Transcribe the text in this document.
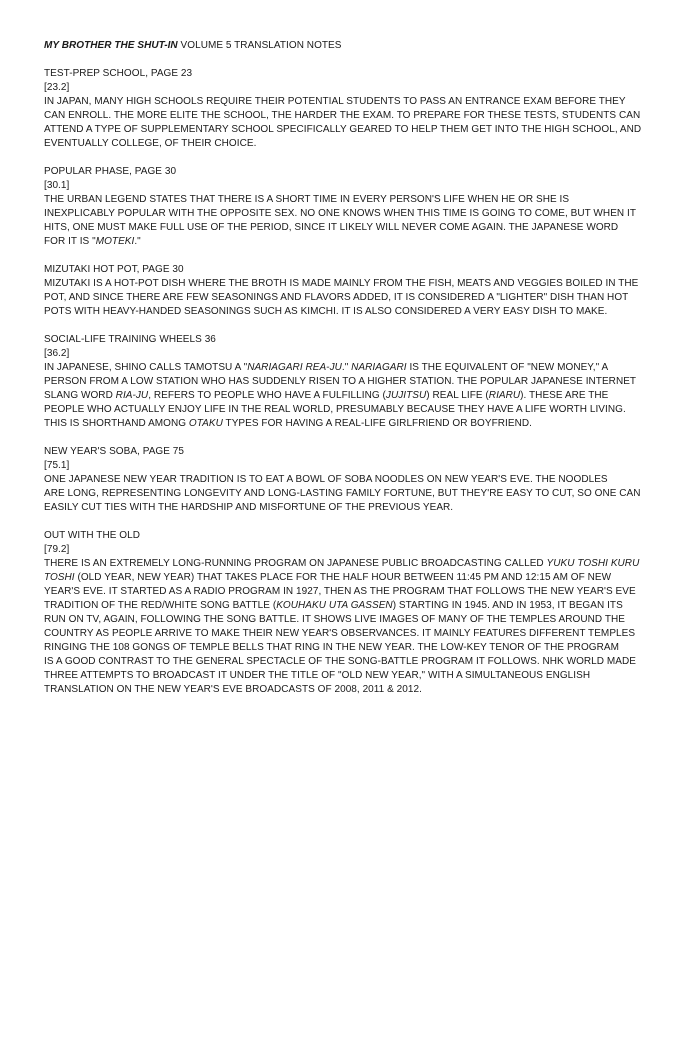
MY BROTHER THE SHUT-IN VOLUME 5 TRANSLATION NOTES
TEST-PREP SCHOOL, PAGE 23
[23.2]
IN JAPAN, MANY HIGH SCHOOLS REQUIRE THEIR POTENTIAL STUDENTS TO PASS AN ENTRANCE EXAM BEFORE THEY
CAN ENROLL. THE MORE ELITE THE SCHOOL, THE HARDER THE EXAM. TO PREPARE FOR THESE TESTS, STUDENTS CAN
ATTEND A TYPE OF SUPPLEMENTARY SCHOOL SPECIFICALLY GEARED TO HELP THEM GET INTO THE HIGH SCHOOL, AND
EVENTUALLY COLLEGE, OF THEIR CHOICE.
POPULAR PHASE, PAGE 30
[30.1]
THE URBAN LEGEND STATES THAT THERE IS A SHORT TIME IN EVERY PERSON'S LIFE WHEN HE OR SHE IS
INEXPLICABLY POPULAR WITH THE OPPOSITE SEX. NO ONE KNOWS WHEN THIS TIME IS GOING TO COME, BUT WHEN IT
HITS, ONE MUST MAKE FULL USE OF THE PERIOD, SINCE IT LIKELY WILL NEVER COME AGAIN. THE JAPANESE WORD
FOR IT IS "MOTEKI."
MIZUTAKI HOT POT, PAGE 30
MIZUTAKI IS A HOT-POT DISH WHERE THE BROTH IS MADE MAINLY FROM THE FISH, MEATS AND VEGGIES BOILED IN THE
POT, AND SINCE THERE ARE FEW SEASONINGS AND FLAVORS ADDED, IT IS CONSIDERED A "LIGHTER" DISH THAN HOT
POTS WITH HEAVY-HANDED SEASONINGS SUCH AS KIMCHI. IT IS ALSO CONSIDERED A VERY EASY DISH TO MAKE.
SOCIAL-LIFE TRAINING WHEELS 36
[36.2]
IN JAPANESE, SHINO CALLS TAMOTSU A "NARIAGARI REA-JU." NARIAGARI IS THE EQUIVALENT OF "NEW MONEY," A
PERSON FROM A LOW STATION WHO HAS SUDDENLY RISEN TO A HIGHER STATION. THE POPULAR JAPANESE INTERNET
SLANG WORD RIA-JU, REFERS TO PEOPLE WHO HAVE A FULFILLING (JUJITSU) REAL LIFE (RIARU). THESE ARE THE
PEOPLE WHO ACTUALLY ENJOY LIFE IN THE REAL WORLD, PRESUMABLY BECAUSE THEY HAVE A LIFE WORTH LIVING.
THIS IS SHORTHAND AMONG OTAKU TYPES FOR HAVING A REAL-LIFE GIRLFRIEND OR BOYFRIEND.
NEW YEAR'S SOBA, PAGE 75
[75.1]
ONE JAPANESE NEW YEAR TRADITION IS TO EAT A BOWL OF SOBA NOODLES ON NEW YEAR'S EVE. THE NOODLES
ARE LONG, REPRESENTING LONGEVITY AND LONG-LASTING FAMILY FORTUNE, BUT THEY'RE EASY TO CUT, SO ONE CAN
EASILY CUT TIES WITH THE HARDSHIP AND MISFORTUNE OF THE PREVIOUS YEAR.
OUT WITH THE OLD
[79.2]
THERE IS AN EXTREMELY LONG-RUNNING PROGRAM ON JAPANESE PUBLIC BROADCASTING CALLED YUKU TOSHI KURU
TOSHI (OLD YEAR, NEW YEAR) THAT TAKES PLACE FOR THE HALF HOUR BETWEEN 11:45 PM AND 12:15 AM OF NEW
YEAR'S EVE. IT STARTED AS A RADIO PROGRAM IN 1927, THEN AS THE PROGRAM THAT FOLLOWS THE NEW YEAR'S EVE
TRADITION OF THE RED/WHITE SONG BATTLE (KOUHAKU UTA GASSEN) STARTING IN 1945. AND IN 1953, IT BEGAN ITS
RUN ON TV, AGAIN, FOLLOWING THE SONG BATTLE. IT SHOWS LIVE IMAGES OF MANY OF THE TEMPLES AROUND THE
COUNTRY AS PEOPLE ARRIVE TO MAKE THEIR NEW YEAR'S OBSERVANCES. IT MAINLY FEATURES DIFFERENT TEMPLES
RINGING THE 108 GONGS OF TEMPLE BELLS THAT RING IN THE NEW YEAR. THE LOW-KEY TENOR OF THE PROGRAM
IS A GOOD CONTRAST TO THE GENERAL SPECTACLE OF THE SONG-BATTLE PROGRAM IT FOLLOWS. NHK WORLD MADE
THREE ATTEMPTS TO BROADCAST IT UNDER THE TITLE OF "OLD NEW YEAR," WITH A SIMULTANEOUS ENGLISH
TRANSLATION ON THE NEW YEAR'S EVE BROADCASTS OF 2008, 2011 & 2012.
